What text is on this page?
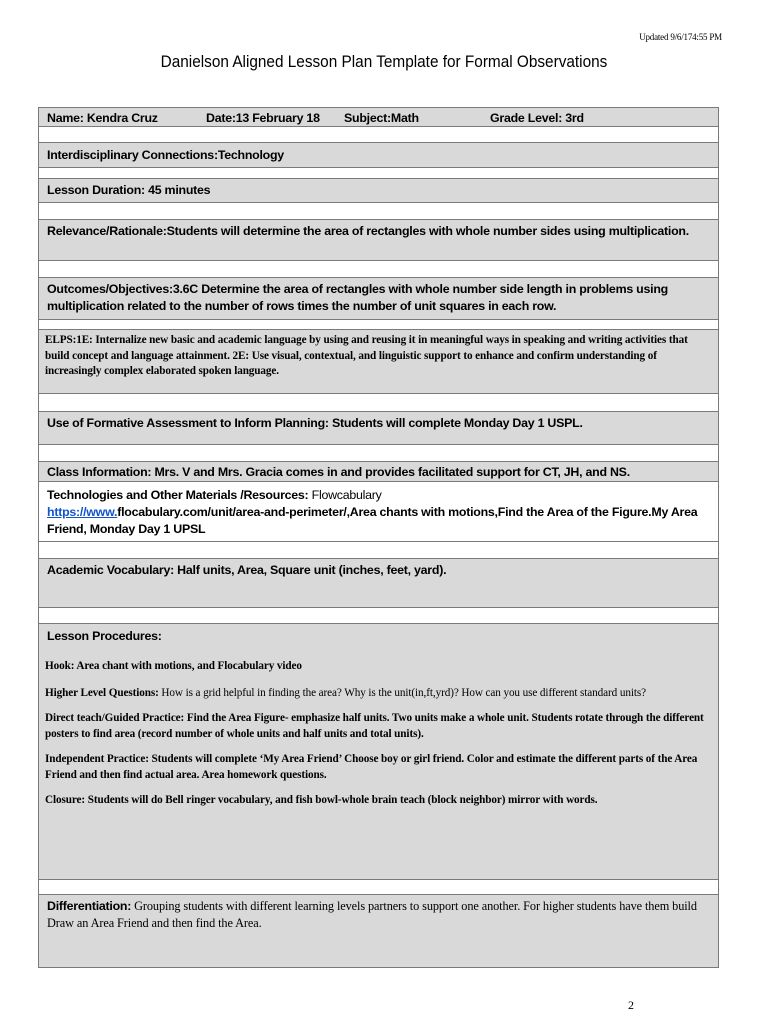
Updated 9/6/174:55 PM
Danielson Aligned Lesson Plan Template for Formal Observations
Name: Kendra Cruz	Date:13 February 18	Subject:Math	Grade Level: 3rd
Interdisciplinary Connections:Technology
Lesson Duration: 45 minutes
Relevance/Rationale:Students will determine the area of rectangles with whole number sides using multiplication.
Outcomes/Objectives:3.6C Determine the area of rectangles with whole number side length in problems using multiplication related to the number of rows times the number of unit squares in each row.
ELPS:1E: Internalize new basic and academic language by using and reusing it in meaningful ways in speaking and writing activities that build concept and language attainment. 2E: Use visual, contextual, and linguistic support to enhance and confirm understanding of increasingly complex elaborated spoken language.
Use of Formative Assessment to Inform Planning: Students will complete Monday Day 1 USPL.
Class Information: Mrs. V and Mrs. Gracia comes in and provides facilitated support for CT, JH, and NS.
Technologies and Other Materials /Resources: Flowcabulary
https://www.flocabulary.com/unit/area-and-perimeter/,Area chants with motions,Find the Area of the Figure.My Area Friend, Monday Day 1 UPSL
Academic Vocabulary: Half units, Area, Square unit (inches, feet, yard).
Lesson Procedures:
Hook: Area chant with motions, and Flocabulary video
Higher Level Questions: How is a grid helpful in finding the area? Why is the unit(in,ft,yrd)? How can you use different standard units?
Direct teach/Guided Practice: Find the Area Figure- emphasize half units. Two units make a whole unit. Students rotate through the different posters to find area (record number of whole units and half units and total units).
Independent Practice: Students will complete ‘My Area Friend’ Choose boy or girl friend. Color and estimate the different parts of the Area Friend and then find actual area. Area homework questions.
Closure: Students will do Bell ringer vocabulary, and fish bowl-whole brain teach (block neighbor) mirror with words.
Differentiation: Grouping students with different learning levels partners to support one another. For higher students have them build Draw an Area Friend and then find the Area.
2
